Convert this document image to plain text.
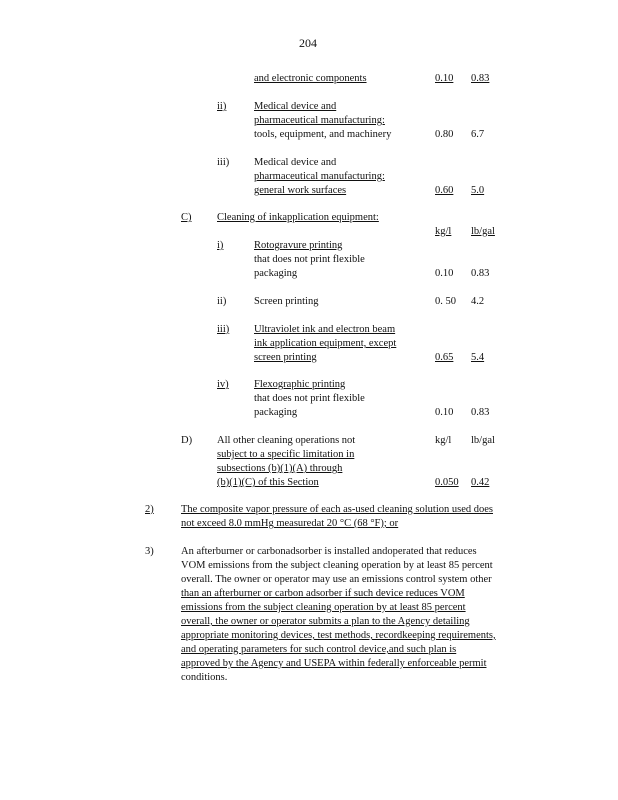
204
and electronic components	0.10 0.83
ii)	Medical device and
pharmaceutical manufacturing:
tools, equipment, and machinery	0.80 6.7
iii) Medical device and
pharmaceutical manufacturing:
general work surfaces	0.60 5.0
C) Cleaning of inkapplication equipment:
kg/l lb/gal
i)	Rotogravure printing
that does not print flexible
packaging	0.10 0.83
ii)	Screen printing	0. 50 4.2
iii) Ultraviolet ink and electron beam
ink application equipment, except
screen printing	0.65 5.4
iv) Flexographic printing
that does not print flexible
packaging	0.10 0.83
D) All other cleaning operations not	kg/l lb/gal
subject to a specific limitation in
subsections (b)(1)(A) through
(b)(1)(C) of this Section	0.050 0.42
2)	The composite vapor pressure of each as-used cleaning solution used does
not exceed 8.0 mmHg measuredat 20 °C (68 °F); or
3)	An afterburner or carbonadsorber is installed andoperated that reduces
VOM emissions from the subject cleaning operation by at least 85 percent
overall. The owner or operator may use an emissions control system other
than an afterburner or carbon adsorber if such device reduces VOM
emissions from the subject cleaning operation by at least 85 percent
overall, the owner or operator submits a plan to the Agency detailing
appropriate monitoring devices, test methods, recordkeeping requirements,
and operating parameters for such control device,and such plan is
approved by the Agency and USEPA within federally enforceable permit
conditions.
